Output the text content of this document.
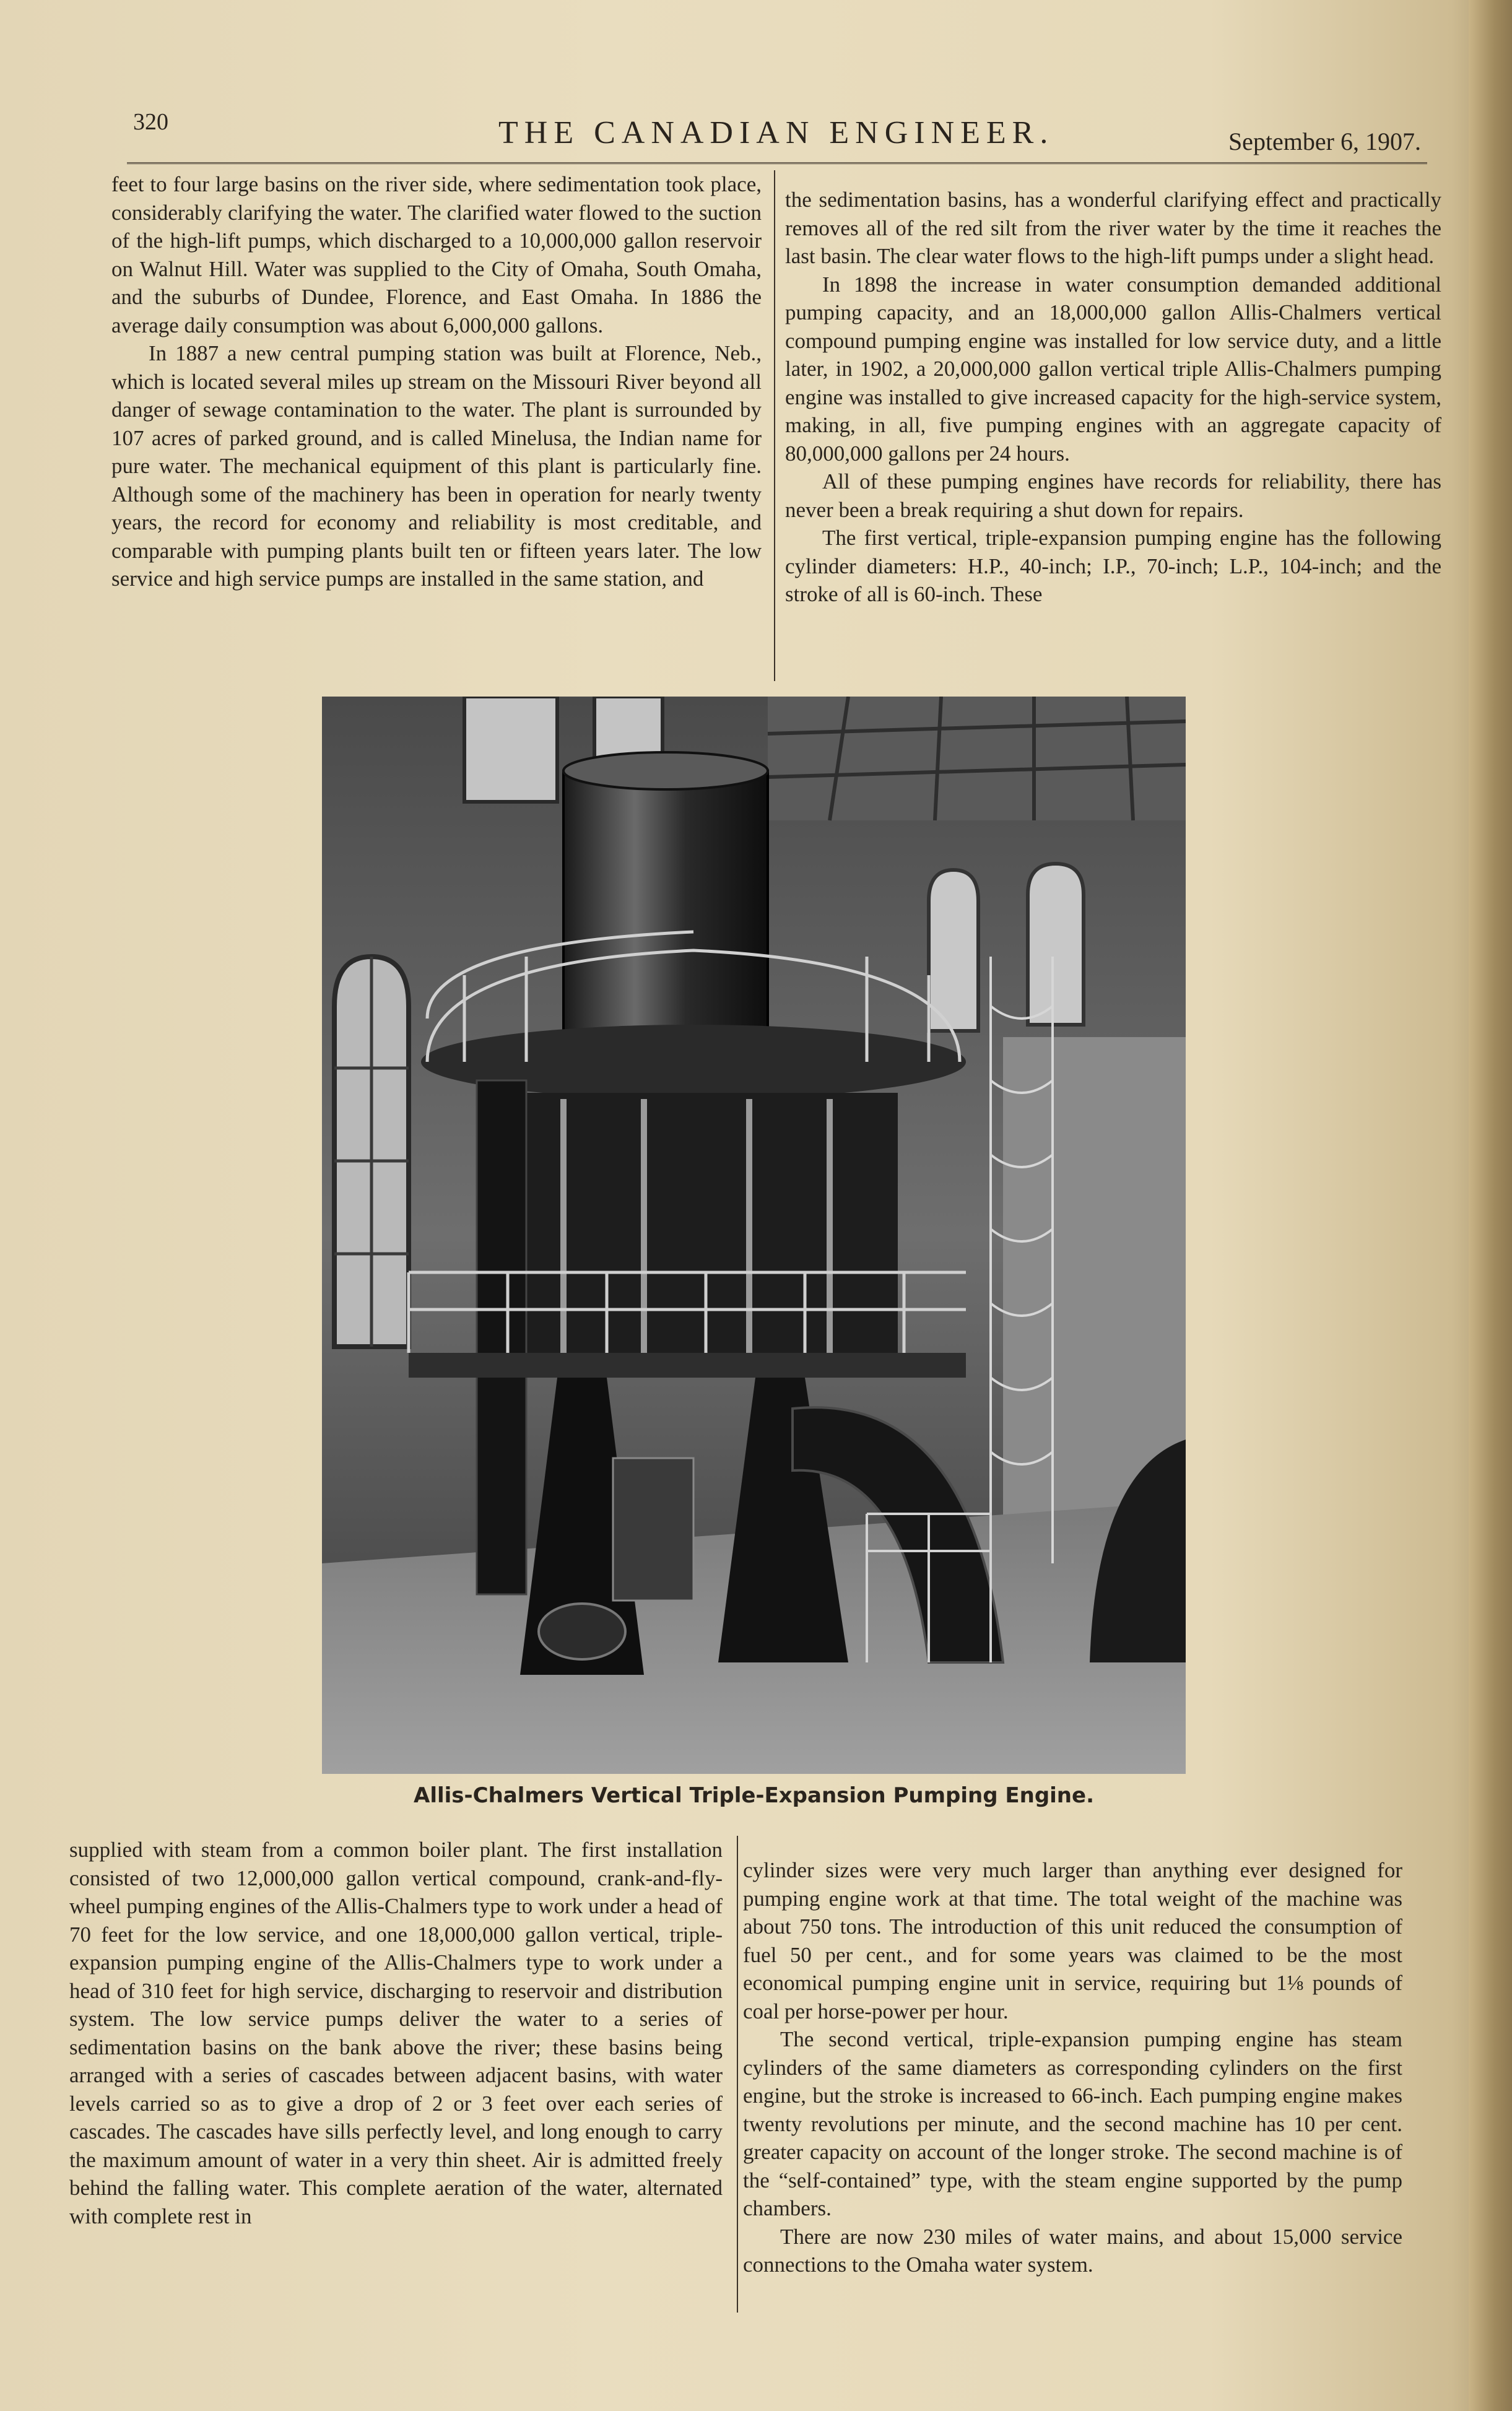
320	THE CANADIAN ENGINEER.	September 6, 1907.

feet to four large basins on the river side, where sedimentation took place, considerably clarifying the water. The clarified water flowed to the suction of the high-lift pumps, which discharged to a 10,000,000 gallon reservoir on Walnut Hill. Water was supplied to the City of Omaha, South Omaha, and the suburbs of Dundee, Florence, and East Omaha. In 1886 the average daily consumption was about 6,000,000 gallons.

In 1887 a new central pumping station was built at Florence, Neb., which is located several miles up stream on the Missouri River beyond all danger of sewage contamination to the water. The plant is surrounded by 107 acres of parked ground, and is called Minelusa, the Indian name for pure water. The mechanical equipment of this plant is particularly fine. Although some of the machinery has been in operation for nearly twenty years, the record for economy and reliability is most creditable, and comparable with pumping plants built ten or fifteen years later. The low service and high service pumps are installed in the same station, and

the sedimentation basins, has a wonderful clarifying effect and practically removes all of the red silt from the river water by the time it reaches the last basin. The clear water flows to the high-lift pumps under a slight head.

In 1898 the increase in water consumption demanded additional pumping capacity, and an 18,000,000 gallon Allis-Chalmers vertical compound pumping engine was installed for low service duty, and a little later, in 1902, a 20,000,000 gallon vertical triple Allis-Chalmers pumping engine was installed to give increased capacity for the high-service system, making, in all, five pumping engines with an aggregate capacity of 80,000,000 gallons per 24 hours.

All of these pumping engines have records for reliability, there has never been a break requiring a shut down for repairs.

The first vertical, triple-expansion pumping engine has the following cylinder diameters: H.P., 40-inch; I.P., 70-inch; L.P., 104-inch; and the stroke of all is 60-inch. These

Allis-Chalmers Vertical Triple-Expansion Pumping Engine.

supplied with steam from a common boiler plant. The first installation consisted of two 12,000,000 gallon vertical compound, crank-and-fly-wheel pumping engines of the Allis-Chalmers type to work under a head of 70 feet for the low service, and one 18,000,000 gallon vertical, triple-expansion pumping engine of the Allis-Chalmers type to work under a head of 310 feet for high service, discharging to reservoir and distribution system. The low service pumps deliver the water to a series of sedimentation basins on the bank above the river; these basins being arranged with a series of cascades between adjacent basins, with water levels carried so as to give a drop of 2 or 3 feet over each series of cascades. The cascades have sills perfectly level, and long enough to carry the maximum amount of water in a very thin sheet. Air is admitted freely behind the falling water. This complete aeration of the water, alternated with complete rest in

cylinder sizes were very much larger than anything ever designed for pumping engine work at that time. The total weight of the machine was about 750 tons. The introduction of this unit reduced the consumption of fuel 50 per cent., and for some years was claimed to be the most economical pumping engine unit in service, requiring but 1⅛ pounds of coal per horse-power per hour.

The second vertical, triple-expansion pumping engine has steam cylinders of the same diameters as corresponding cylinders on the first engine, but the stroke is increased to 66-inch. Each pumping engine makes twenty revolutions per minute, and the second machine has 10 per cent. greater capacity on account of the longer stroke. The second machine is of the “self-contained” type, with the steam engine supported by the pump chambers.

There are now 230 miles of water mains, and about 15,000 service connections to the Omaha water system.
